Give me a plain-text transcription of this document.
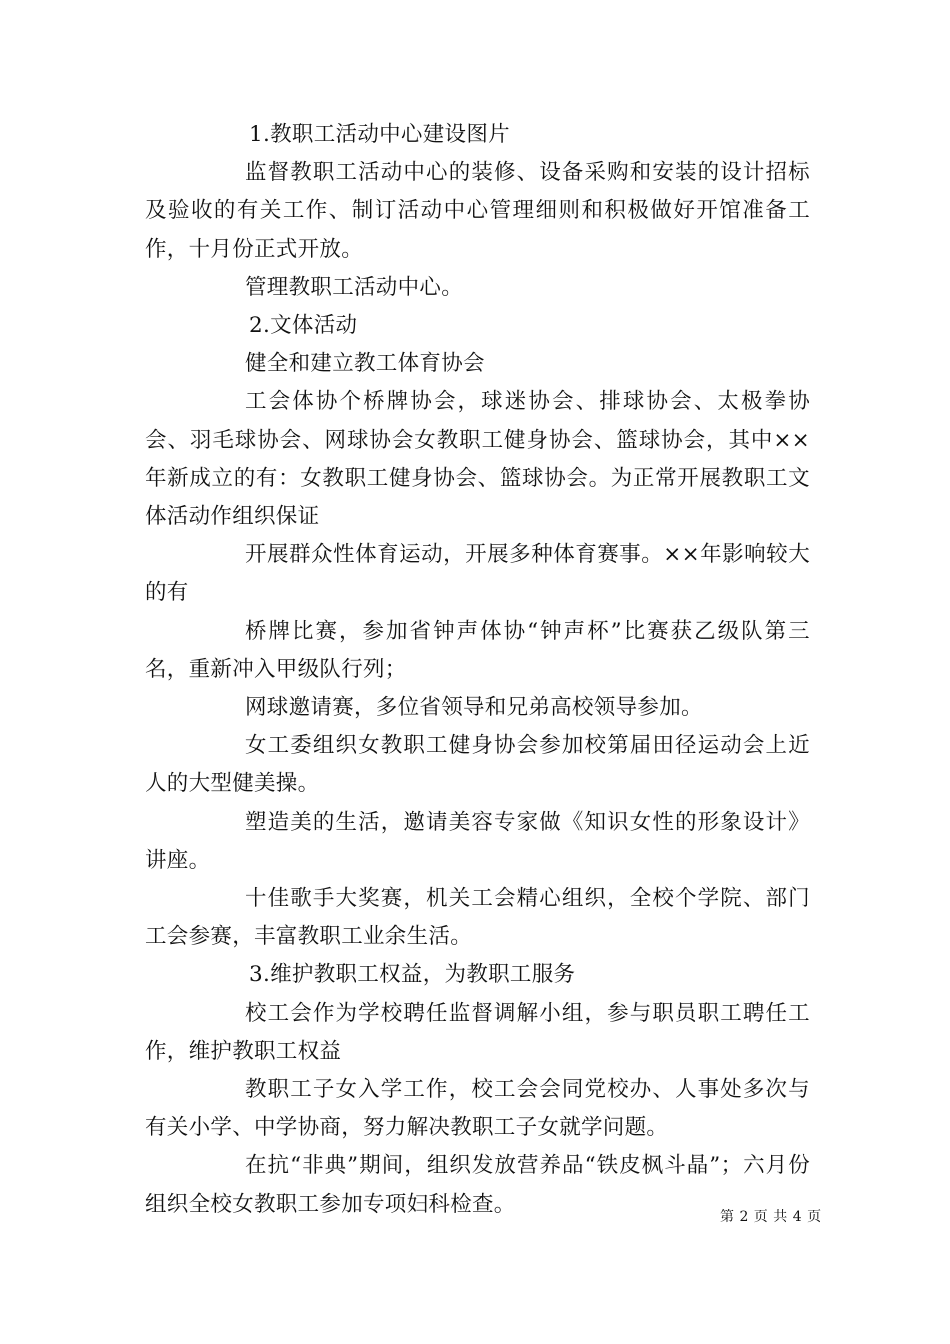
1.教职工活动中心建设图片

监督教职工活动中心的装修、设备采购和安装的设计招标及验收的有关工作、制订活动中心管理细则和积极做好开馆准备工作，十月份正式开放。

管理教职工活动中心。

2.文体活动

健全和建立教工体育协会

工会体协个桥牌协会，球迷协会、排球协会、太极拳协会、羽毛球协会、网球协会女教职工健身协会、篮球协会，其中××年新成立的有：女教职工健身协会、篮球协会。为正常开展教职工文体活动作组织保证

开展群众性体育运动，开展多种体育赛事。××年影响较大的有

桥牌比赛，参加省钟声体协“钟声杯”比赛获乙级队第三名，重新冲入甲级队行列；

网球邀请赛，多位省领导和兄弟高校领导参加。

女工委组织女教职工健身协会参加校第届田径运动会上近人的大型健美操。

塑造美的生活，邀请美容专家做《知识女性的形象设计》讲座。

十佳歌手大奖赛，机关工会精心组织，全校个学院、部门工会参赛，丰富教职工业余生活。

3.维护教职工权益，为教职工服务

校工会作为学校聘任监督调解小组，参与职员职工聘任工作，维护教职工权益

教职工子女入学工作，校工会会同党校办、人事处多次与有关小学、中学协商，努力解决教职工子女就学问题。

在抗“非典”期间，组织发放营养品“铁皮枫斗晶”；六月份组织全校女教职工参加专项妇科检查。

第 2 页 共 4 页
